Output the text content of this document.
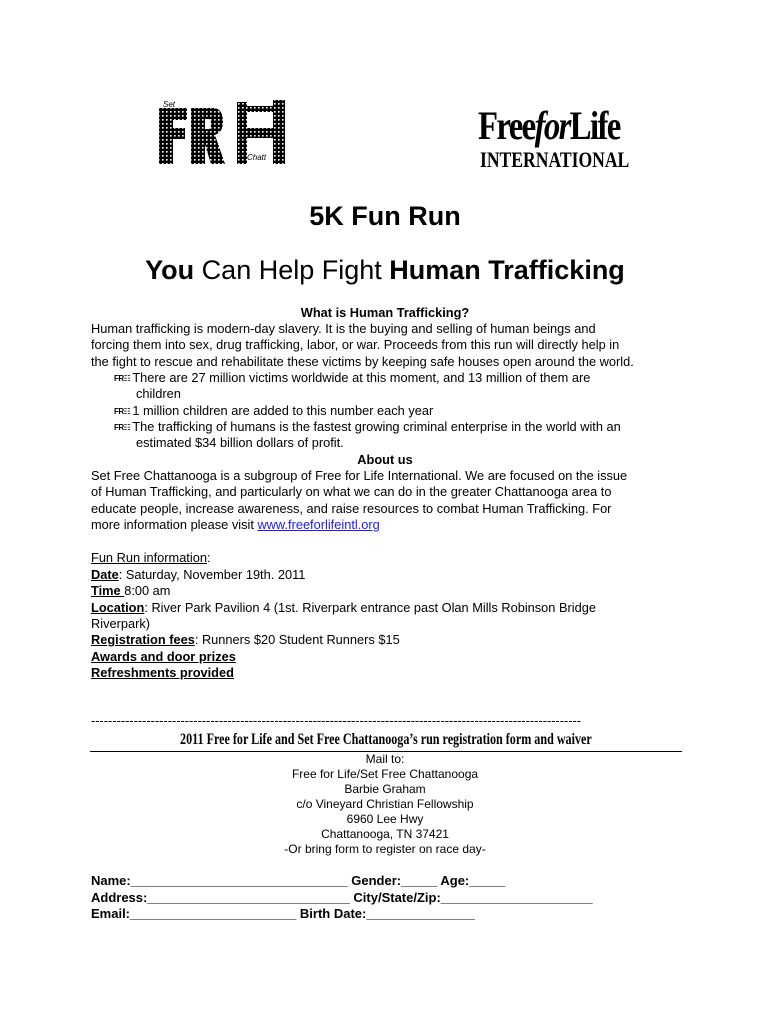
Set
Chatt
FreeforLife
INTERNATIONAL
5K Fun Run
You Can Help Fight Human Trafficking
What is Human Trafficking?
Human trafficking is modern-day slavery. It is the buying and selling of human beings and
forcing them into sex, drug trafficking, labor, or war. Proceeds from this run will directly help in
the fight to rescue and rehabilitate these victims by keeping safe houses open around the world.
FR☷ There are 27 million victims worldwide at this moment, and 13 million of them are
children
FR☷ 1 million children are added to this number each year
FR☷ The trafficking of humans is the fastest growing criminal enterprise in the world with an
estimated $34 billion dollars of profit.
About us
Set Free Chattanooga is a subgroup of Free for Life International. We are focused on the issue
of Human Trafficking, and particularly on what we can do in the greater Chattanooga area to
educate people, increase awareness, and raise resources to combat Human Trafficking. For
more information please visit www.freeforlifeintl.org
Fun Run information:
Date: Saturday, November 19th. 2011
Time 8:00 am
Location: River Park Pavilion 4 (1st. Riverpark entrance past Olan Mills Robinson Bridge
Riverpark)
Registration fees: Runners $20 Student Runners $15
Awards and door prizes
Refreshments provided
-------------------------------------------------------------------------------------------------------------------
2011 Free for Life and Set Free Chattanooga’s run registration form and waiver
Mail to:
Free for Life/Set Free Chattanooga
Barbie Graham
c/o Vineyard Christian Fellowship
6960 Lee Hwy
Chattanooga, TN 37421
-Or bring form to register on race day-
Name:______________________________ Gender:_____ Age:_____
Address:____________________________ City/State/Zip:_____________________
Email:_______________________ Birth Date:_______________
